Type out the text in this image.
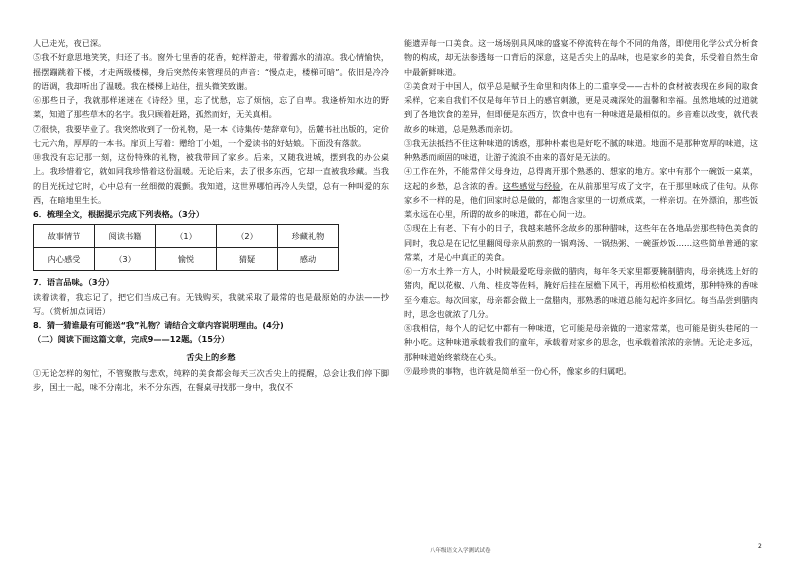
人已走光，夜已深。

⑤我不好意思地笑笑，归还了书。窗外七里香的花香，蛇样游走，带着露水的清凉。我心情愉快，摇摆蹦跳着下楼，才走两级楼梯，身后突然传来管理员的声音：“慢点走，楼梯可暗”。依旧是冷冷的语调，我却听出了温暖。我在楼梯上站住，扭头微笑致谢。

⑥那些日子，我就那样迷迷在《诗经》里，忘了忧愁，忘了烦恼，忘了自卑。我逢桥知水边的野菜，知道了那些草木的名字。我只顾着赶路，孤然而好，无关真相。

⑦很快，我要毕业了。我突然收到了一份礼物，是一本《诗集传·楚辞章句》，岳麓书社出版的，定价七元六角，厚厚的一本书。扉页上写着：赠给丁小姐，一个爱读书的好姑娘。下面没有落款。

⑩我没有忘记那一刻，这份特殊的礼物，被我带回了家乡。后来，又随我进城，摆到我的办公桌上。我珍惜着它，就如同我珍惜着这份温暖。无论后来，去了很多东西，它却一直被我珍藏。当我的目光抚过它时，心中总有一丝细微的震颤。我知道，这世界哪怕再冷人失望，总有一种叫爱的东西，在暗地里生长。

6．梳理全文，根据提示完成下列表格。（3分）

故事情节	阅读书籍	（1）	（2）	珍藏礼物
内心感受	（3）	愉悦	猜疑	感动

7．语言品味。（3分）

读着读着，我忘记了，把它们当成己有。无钱购买，我就采取了最常的也是最原始的办法——抄写。（赏析加点词语）

8．猜一猜谁最有可能送“我”礼物？请结合文章内容说明理由。(4分)

（二）阅读下面这篇文章，完成9——12题。（15分）

舌尖上的乡愁

①无论怎样的匆忙，不管聚散与悲欢，纯粹的美食都会每天三次舌尖上的提醒，总会让我们停下脚步，国土一起，味不分南北，米不分东西，在餐桌寻找那一身中，我仅不

能遗弄每一口美食。这一场场别具风味的盛宴不停流转在每个不同的角落，即使用化学公式分析食物的构成，却无法参透每一口背后的深意，这是舌尖上的品味，也是家乡的美食，乐受着自然生命中最新鲜味道。

②美食对于中国人，似乎总是赋予生命里和肉体上的二重享受——古朴的食材被表现在乡间的取食采样，它来自我们不仅是每年节日上的感官刺激，更是灵魂深处的温馨和幸福。虽然地域的过道就到了各地饮食的差异，但即便是东西方，饮食中也有一种味道是最相似的。乡音难以改变，就代表故乡的味道，总是熟悉而亲切。

③我无法抵挡不住这种味道的诱惑，那种朴素也是好吃不腻的味道。地面不是那种宽厚的味道，这种熟悉而顽固的味道，让游子流浪不由来的喜好是无法的。

④工作在外，不能常伴父母身边，总得离开那个熟悉的、想家的地方。家中有那个一碗饭一桌菜，这起的乡愁，总含浓的香。这些感觉与经验，在从前那里写成了文字，在于那里咏成了佳句。从你家乡不一样的是，他们回家时总是做的，都饱含家里的一切煮成菜，一样亲切。在外漂泊，那些饭菜永远在心里，所谓的故乡的味道，都在心间一边。

⑤现在上有老、下有小的日子，我越来越怀念故乡的那种腊味，这些年在各地品尝那些特色美食的同时，我总是在记忆里翻阅母亲从前熬的一锅鸡汤、一锅热粥、一碗蛋炒饭……这些简单普通的家常菜，才是心中真正的美食。

⑥一方水土养一方人，小时候最爱吃母亲做的腊肉，每年冬天家里都要腌制腊肉，母亲挑选上好的猪肉，配以花椒、八角、桂皮等佐料，腌好后挂在屋檐下风干，再用松柏枝熏烤，那种特殊的香味至今难忘。每次回家，母亲都会做上一盘腊肉，那熟悉的味道总能勾起许多回忆。每当品尝到腊肉时，思念也就浓了几分。

⑧我相信，每个人的记忆中都有一种味道，它可能是母亲做的一道家常菜，也可能是街头巷尾的一种小吃。这种味道承载着我们的童年，承载着对家乡的思念，也承载着浓浓的亲情。无论走多远，那种味道始终萦绕在心头。

⑨最珍贵的事物，也许就是简单至一份心怀，像家乡的归属吧。

八年级语文入学测试试卷
2
